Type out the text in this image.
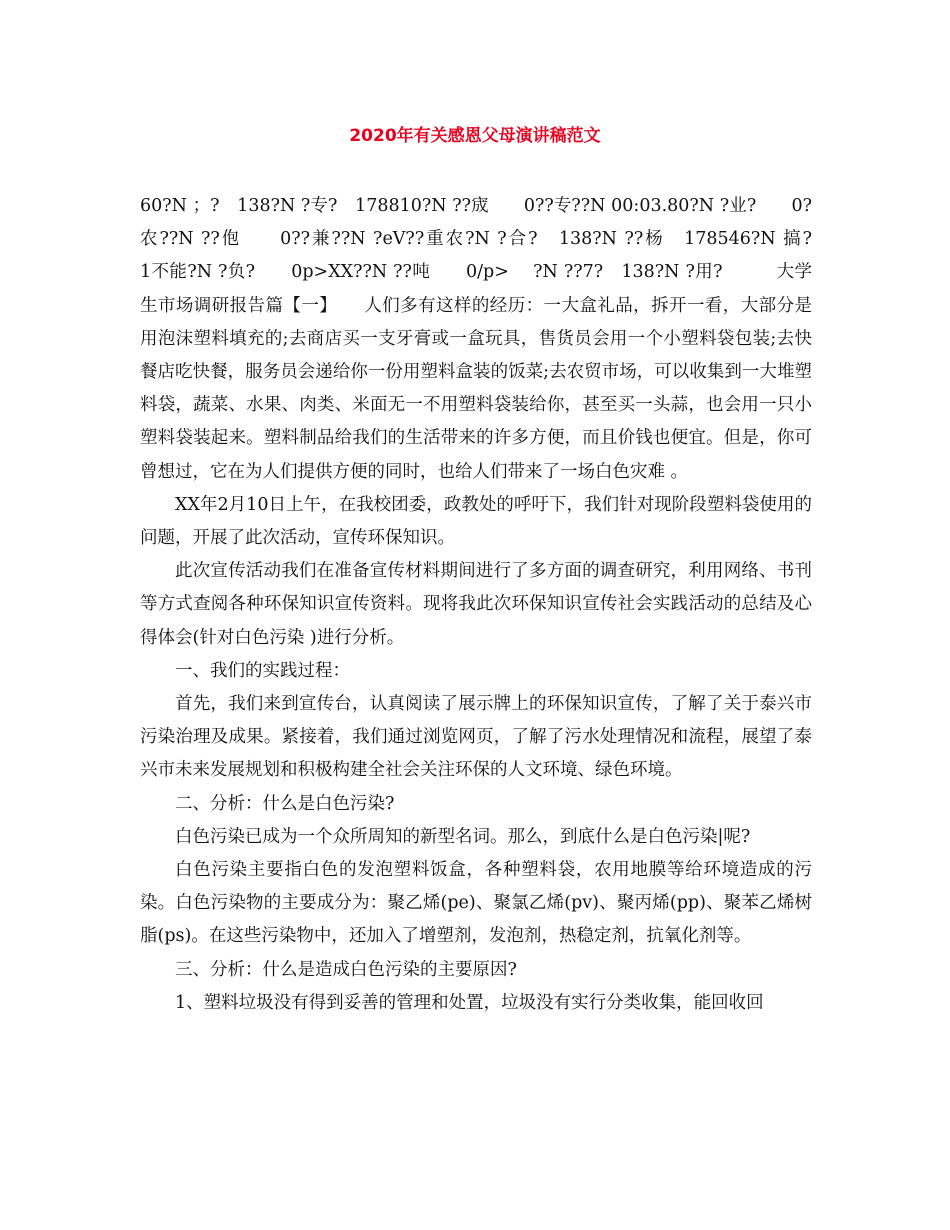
2020年有关感恩父母演讲稿范文

60?N ；?　138?N ?专?　178810?N ??宬　　0??专??N 00:03.80?N ?业?　　0?农??N ??佨　　0??兼??N ?eV??重农?N ?合?　138?N ??杨　178546?N 搞?　　1不能?N ?负?　　0p>XX??N ??吨　　0/p>　 ?N ??7?　138?N ?用?　　　大学生市场调研报告篇【一】　　人们多有这样的经历：一大盒礼品，拆开一看，大部分是用泡沫塑料填充的;去商店买一支牙膏或一盒玩具，售货员会用一个小塑料袋包装;去快餐店吃快餐，服务员会递给你一份用塑料盒装的饭菜;去农贸市场，可以收集到一大堆塑料袋，蔬菜、水果、肉类、米面无一不用塑料袋装给你，甚至买一头蒜，也会用一只小塑料袋装起来。塑料制品给我们的生活带来的许多方便，而且价钱也便宜。但是，你可曾想过，它在为人们提供方便的同时，也给人们带来了一场白色灾难 。

XX年2月10日上午，在我校团委，政教处的呼吁下，我们针对现阶段塑料袋使用的问题，开展了此次活动，宣传环保知识。

此次宣传活动我们在准备宣传材料期间进行了多方面的调查研究，利用网络、书刊等方式查阅各种环保知识宣传资料。现将我此次环保知识宣传社会实践活动的总结及心得体会(针对白色污染 )进行分析。

一、我们的实践过程：

首先，我们来到宣传台，认真阅读了展示牌上的环保知识宣传，了解了关于泰兴市污染治理及成果。紧接着，我们通过浏览网页，了解了污水处理情况和流程，展望了泰兴市未来发展规划和积极构建全社会关注环保的人文环境、绿色环境。

二、分析：什么是白色污染?

白色污染已成为一个众所周知的新型名词。那么，到底什么是白色污染|呢?

白色污染主要指白色的发泡塑料饭盒，各种塑料袋，农用地膜等给环境造成的污染。白色污染物的主要成分为：聚乙烯(pe)、聚氯乙烯(pv)、聚丙烯(pp)、聚苯乙烯树脂(ps)。在这些污染物中，还加入了增塑剂，发泡剂，热稳定剂，抗氧化剂等。

三、分析：什么是造成白色污染的主要原因?

1、塑料垃圾没有得到妥善的管理和处置，垃圾没有实行分类收集，能回收回
